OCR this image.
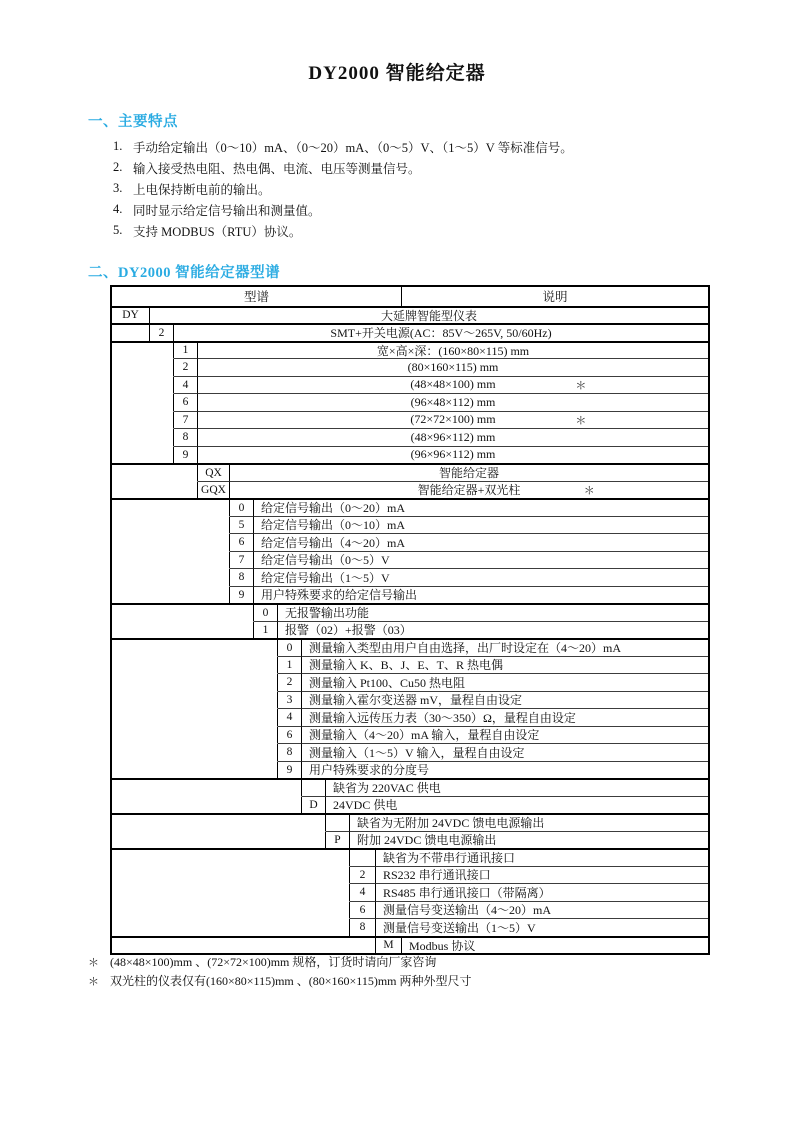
DY2000 智能给定器
一、主要特点
1. 手动给定输出（0～10）mA、（0～20）mA、（0～5）V、（1～5）V 等标准信号。
2. 输入接受热电阻、热电偶、电流、电压等测量信号。
3. 上电保持断电前的输出。
4. 同时显示给定信号输出和测量值。
5. 支持 MODBUS（RTU）协议。
二、DY2000 智能给定器型谱
型谱	说明
DY	大延牌智能型仪表
2	SMT+开关电源(AC：85V～265V, 50/60Hz)
1	宽×高×深：(160×80×115) mm
2	(80×160×115) mm
4	(48×48×100) mm	＊
6	(96×48×112) mm
7	(72×72×100) mm	＊
8	(48×96×112) mm
9	(96×96×112) mm
QX	智能给定器
GQX	智能给定器+双光柱	＊
0	给定信号输出（0～20）mA
5	给定信号输出（0～10）mA
6	给定信号输出（4～20）mA
7	给定信号输出（0～5）V
8	给定信号输出（1～5）V
9	用户特殊要求的给定信号输出
0	无报警输出功能
1	报警（02）+报警（03）
0	测量输入类型由用户自由选择，出厂时设定在（4～20）mA
1	测量输入 K、B、J、E、T、R 热电偶
2	测量输入 Pt100、Cu50 热电阻
3	测量输入霍尔变送器 mV，量程自由设定
4	测量输入远传压力表（30～350）Ω，量程自由设定
6	测量输入（4～20）mA 输入，量程自由设定
8	测量输入（1～5）V 输入，量程自由设定
9	用户特殊要求的分度号
缺省为 220VAC 供电
D	24VDC 供电
缺省为无附加 24VDC 馈电电源输出
P	附加 24VDC 馈电电源输出
缺省为不带串行通讯接口
2	RS232 串行通讯接口
4	RS485 串行通讯接口（带隔离）
6	测量信号变送输出（4～20）mA
8	测量信号变送输出（1～5）V
M	Modbus 协议
＊ (48×48×100)mm 、(72×72×100)mm 规格，订货时请向厂家咨询
＊ 双光柱的仪表仅有(160×80×115)mm 、(80×160×115)mm 两种外型尺寸
